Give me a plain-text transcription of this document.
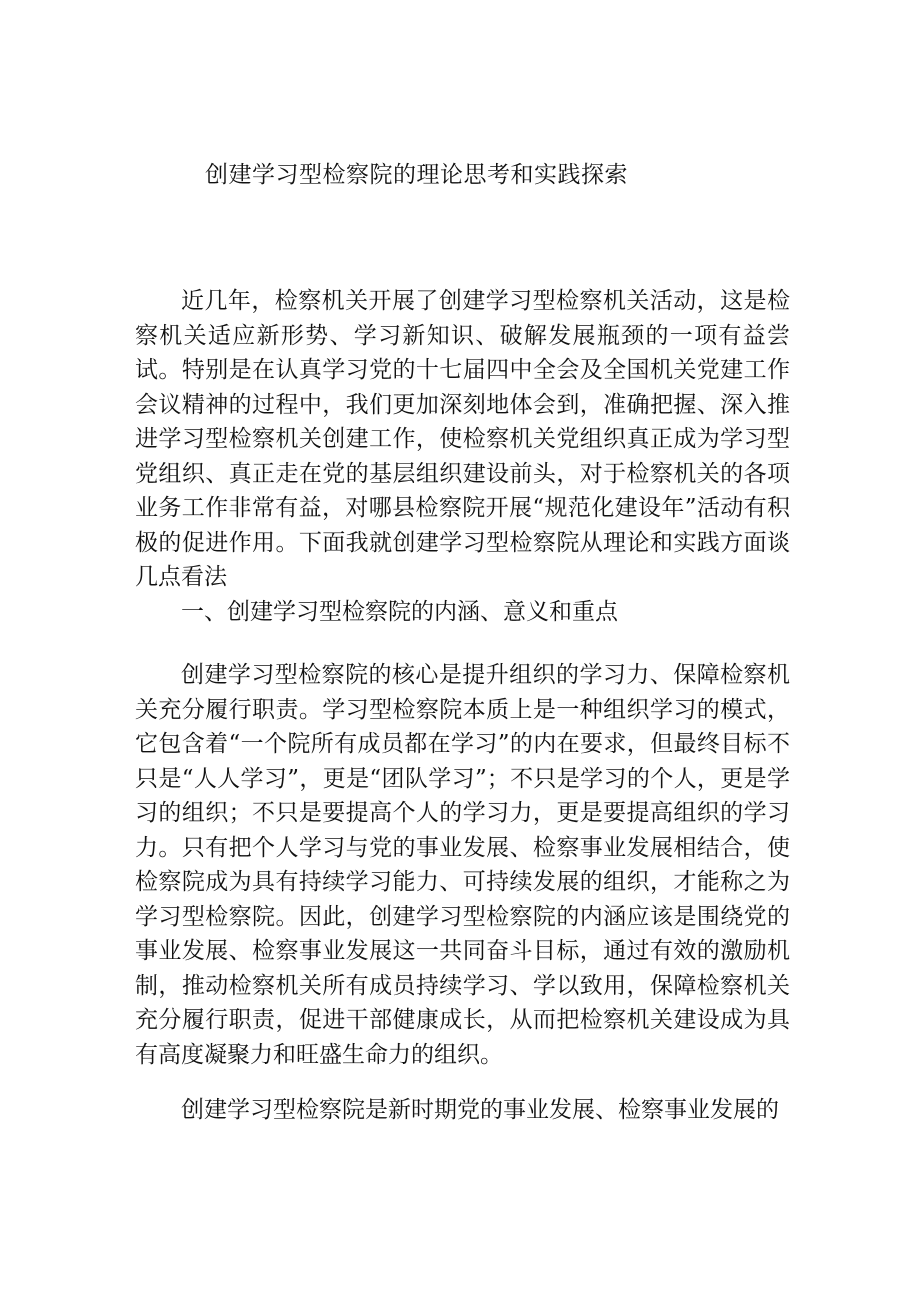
创建学习型检察院的理论思考和实践探索

近几年，检察机关开展了创建学习型检察机关活动，这是检察机关适应新形势、学习新知识、破解发展瓶颈的一项有益尝试。特别是在认真学习党的十七届四中全会及全国机关党建工作会议精神的过程中，我们更加深刻地体会到，准确把握、深入推进学习型检察机关创建工作，使检察机关党组织真正成为学习型党组织、真正走在党的基层组织建设前头，对于检察机关的各项业务工作非常有益，对哪县检察院开展“规范化建设年”活动有积极的促进作用。下面我就创建学习型检察院从理论和实践方面谈几点看法

一、创建学习型检察院的内涵、意义和重点

创建学习型检察院的核心是提升组织的学习力、保障检察机关充分履行职责。学习型检察院本质上是一种组织学习的模式，它包含着“一个院所有成员都在学习”的内在要求，但最终目标不只是“人人学习”，更是“团队学习”；不只是学习的个人，更是学习的组织；不只是要提高个人的学习力，更是要提高组织的学习力。只有把个人学习与党的事业发展、检察事业发展相结合，使检察院成为具有持续学习能力、可持续发展的组织，才能称之为学习型检察院。因此，创建学习型检察院的内涵应该是围绕党的事业发展、检察事业发展这一共同奋斗目标，通过有效的激励机制，推动检察机关所有成员持续学习、学以致用，保障检察机关充分履行职责，促进干部健康成长，从而把检察机关建设成为具有高度凝聚力和旺盛生命力的组织。

创建学习型检察院是新时期党的事业发展、检察事业发展的
